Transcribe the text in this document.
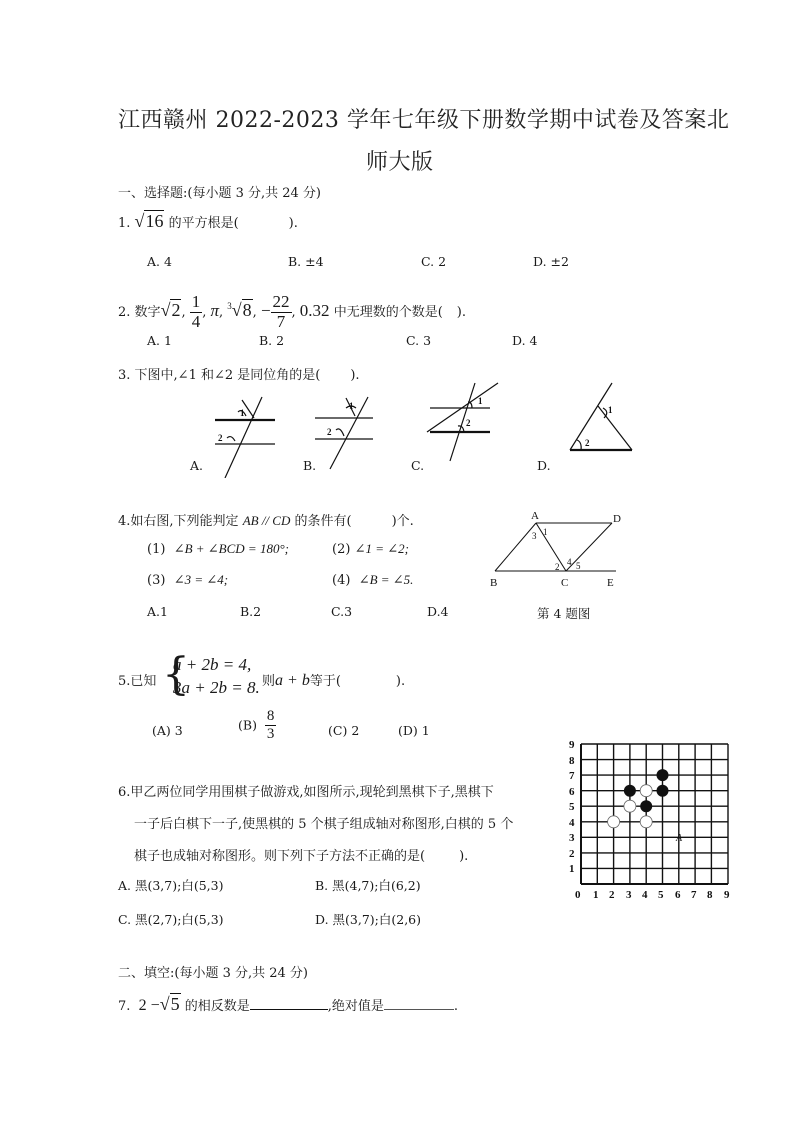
江西赣州 2022-2023 学年七年级下册数学期中试卷及答案北
师大版
一、选择题:(每小题 3 分,共 24 分)
1. √16 的平方根是(	).
A. 4	B. ±4	C. 2	D. ±2
2. 数字√2, $\frac{1}{4}$ , π, $^3$√8, − $\frac{22}{7}$ , 0.32 中无理数的个数是( ).
A. 1	B. 2	C. 3	D. 4
3. 下图中,∠1 和∠2 是同位角的是( ).
1
2
1
2
1
2
1
2
A.	B.	C.	D.
4.如右图,下列能判定 AB // CD 的条件有(	)个.
(1) ∠B + ∠BCD = 180°;	(2) ∠1 = ∠2;
(3) ∠3 = ∠4;	(4) ∠B = ∠5.
A.1	B.2	C.3	D.4
A	D
B	C	E
1
2
3
4 5
第 4 题图
5.已知 {
a + 2b = 4,
3a + 2b = 8. 则a + b等于(	).
(A) 3	$(B) \frac{8}{3}$	(C) 2	(D) 1
6.甲乙两位同学用围棋子做游戏,如图所示,现轮到黑棋下子,黑棋下
一子后白棋下一子,使黑棋的 5 个棋子组成轴对称图形,白棋的 5 个
棋子也成轴对称图形。则下列下子方法不正确的是(	).
A. 黑(3,7);白(5,3)	B. 黑(4,7);白(6,2)
C. 黑(2,7);白(5,3)	D. 黑(3,7);白(2,6)
0 1 2 3 4 5 6 7 8 9
1
2
3
4
5
6
7
8
9
A
二、填空:(每小题 3 分,共 24 分)
7. 2 −√5 的相反数是	,绝对值是	.
